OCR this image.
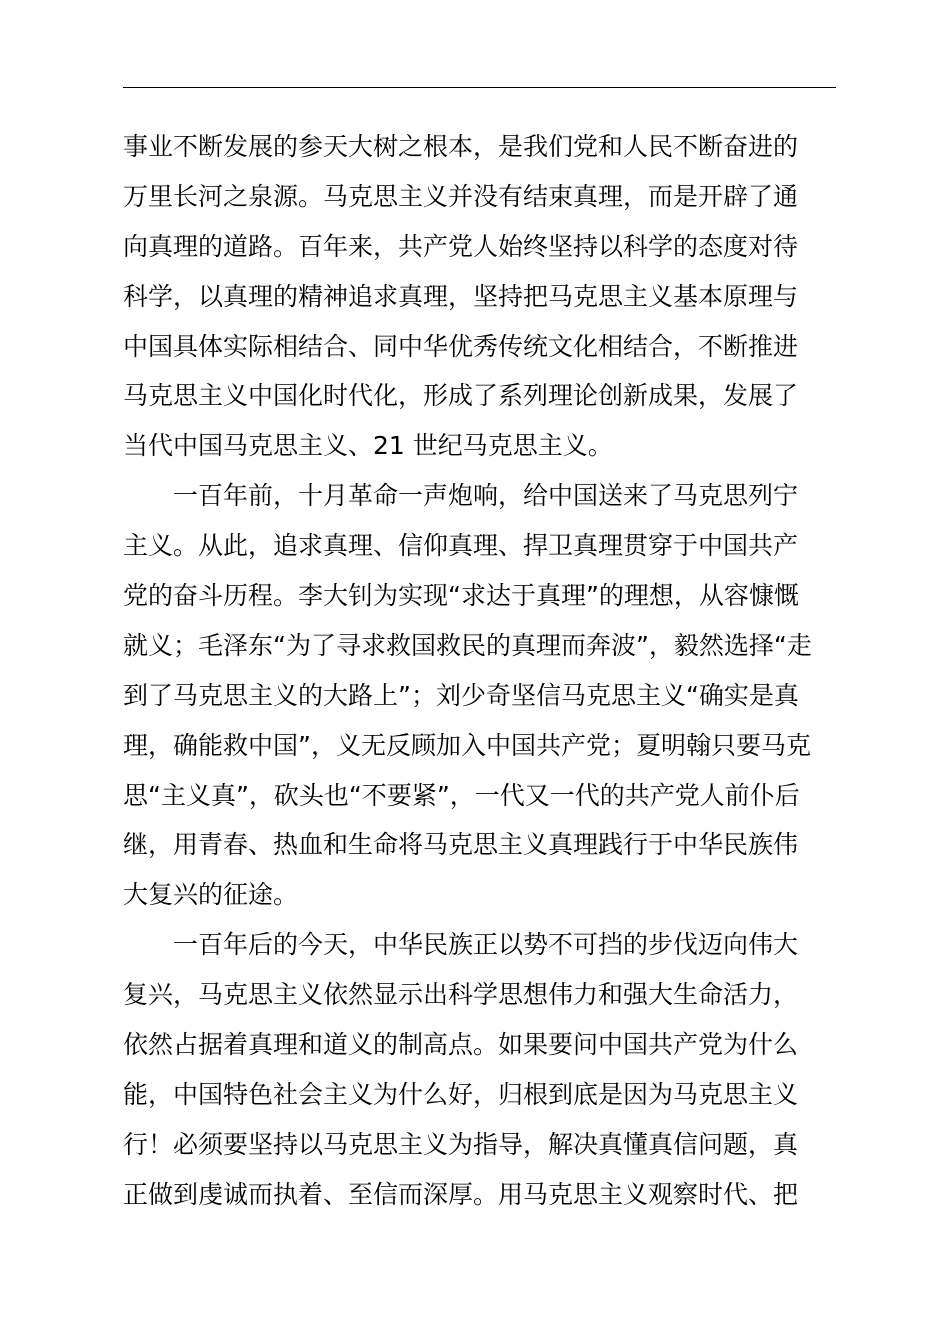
事业不断发展的参天大树之根本，是我们党和人民不断奋进的
万里长河之泉源。马克思主义并没有结束真理，而是开辟了通
向真理的道路。百年来，共产党人始终坚持以科学的态度对待
科学，以真理的精神追求真理，坚持把马克思主义基本原理与
中国具体实际相结合、同中华优秀传统文化相结合，不断推进
马克思主义中国化时代化，形成了系列理论创新成果，发展了
当代中国马克思主义、21 世纪马克思主义。
一百年前，十月革命一声炮响，给中国送来了马克思列宁
主义。从此，追求真理、信仰真理、捍卫真理贯穿于中国共产
党的奋斗历程。李大钊为实现“求达于真理”的理想，从容慷慨
就义；毛泽东“为了寻求救国救民的真理而奔波”，毅然选择“走
到了马克思主义的大路上”；刘少奇坚信马克思主义“确实是真
理，确能救中国”，义无反顾加入中国共产党；夏明翰只要马克
思“主义真”，砍头也“不要紧”，一代又一代的共产党人前仆后
继，用青春、热血和生命将马克思主义真理践行于中华民族伟
大复兴的征途。
一百年后的今天，中华民族正以势不可挡的步伐迈向伟大
复兴，马克思主义依然显示出科学思想伟力和强大生命活力，
依然占据着真理和道义的制高点。如果要问中国共产党为什么
能，中国特色社会主义为什么好，归根到底是因为马克思主义
行！必须要坚持以马克思主义为指导，解决真懂真信问题，真
正做到虔诚而执着、至信而深厚。用马克思主义观察时代、把
